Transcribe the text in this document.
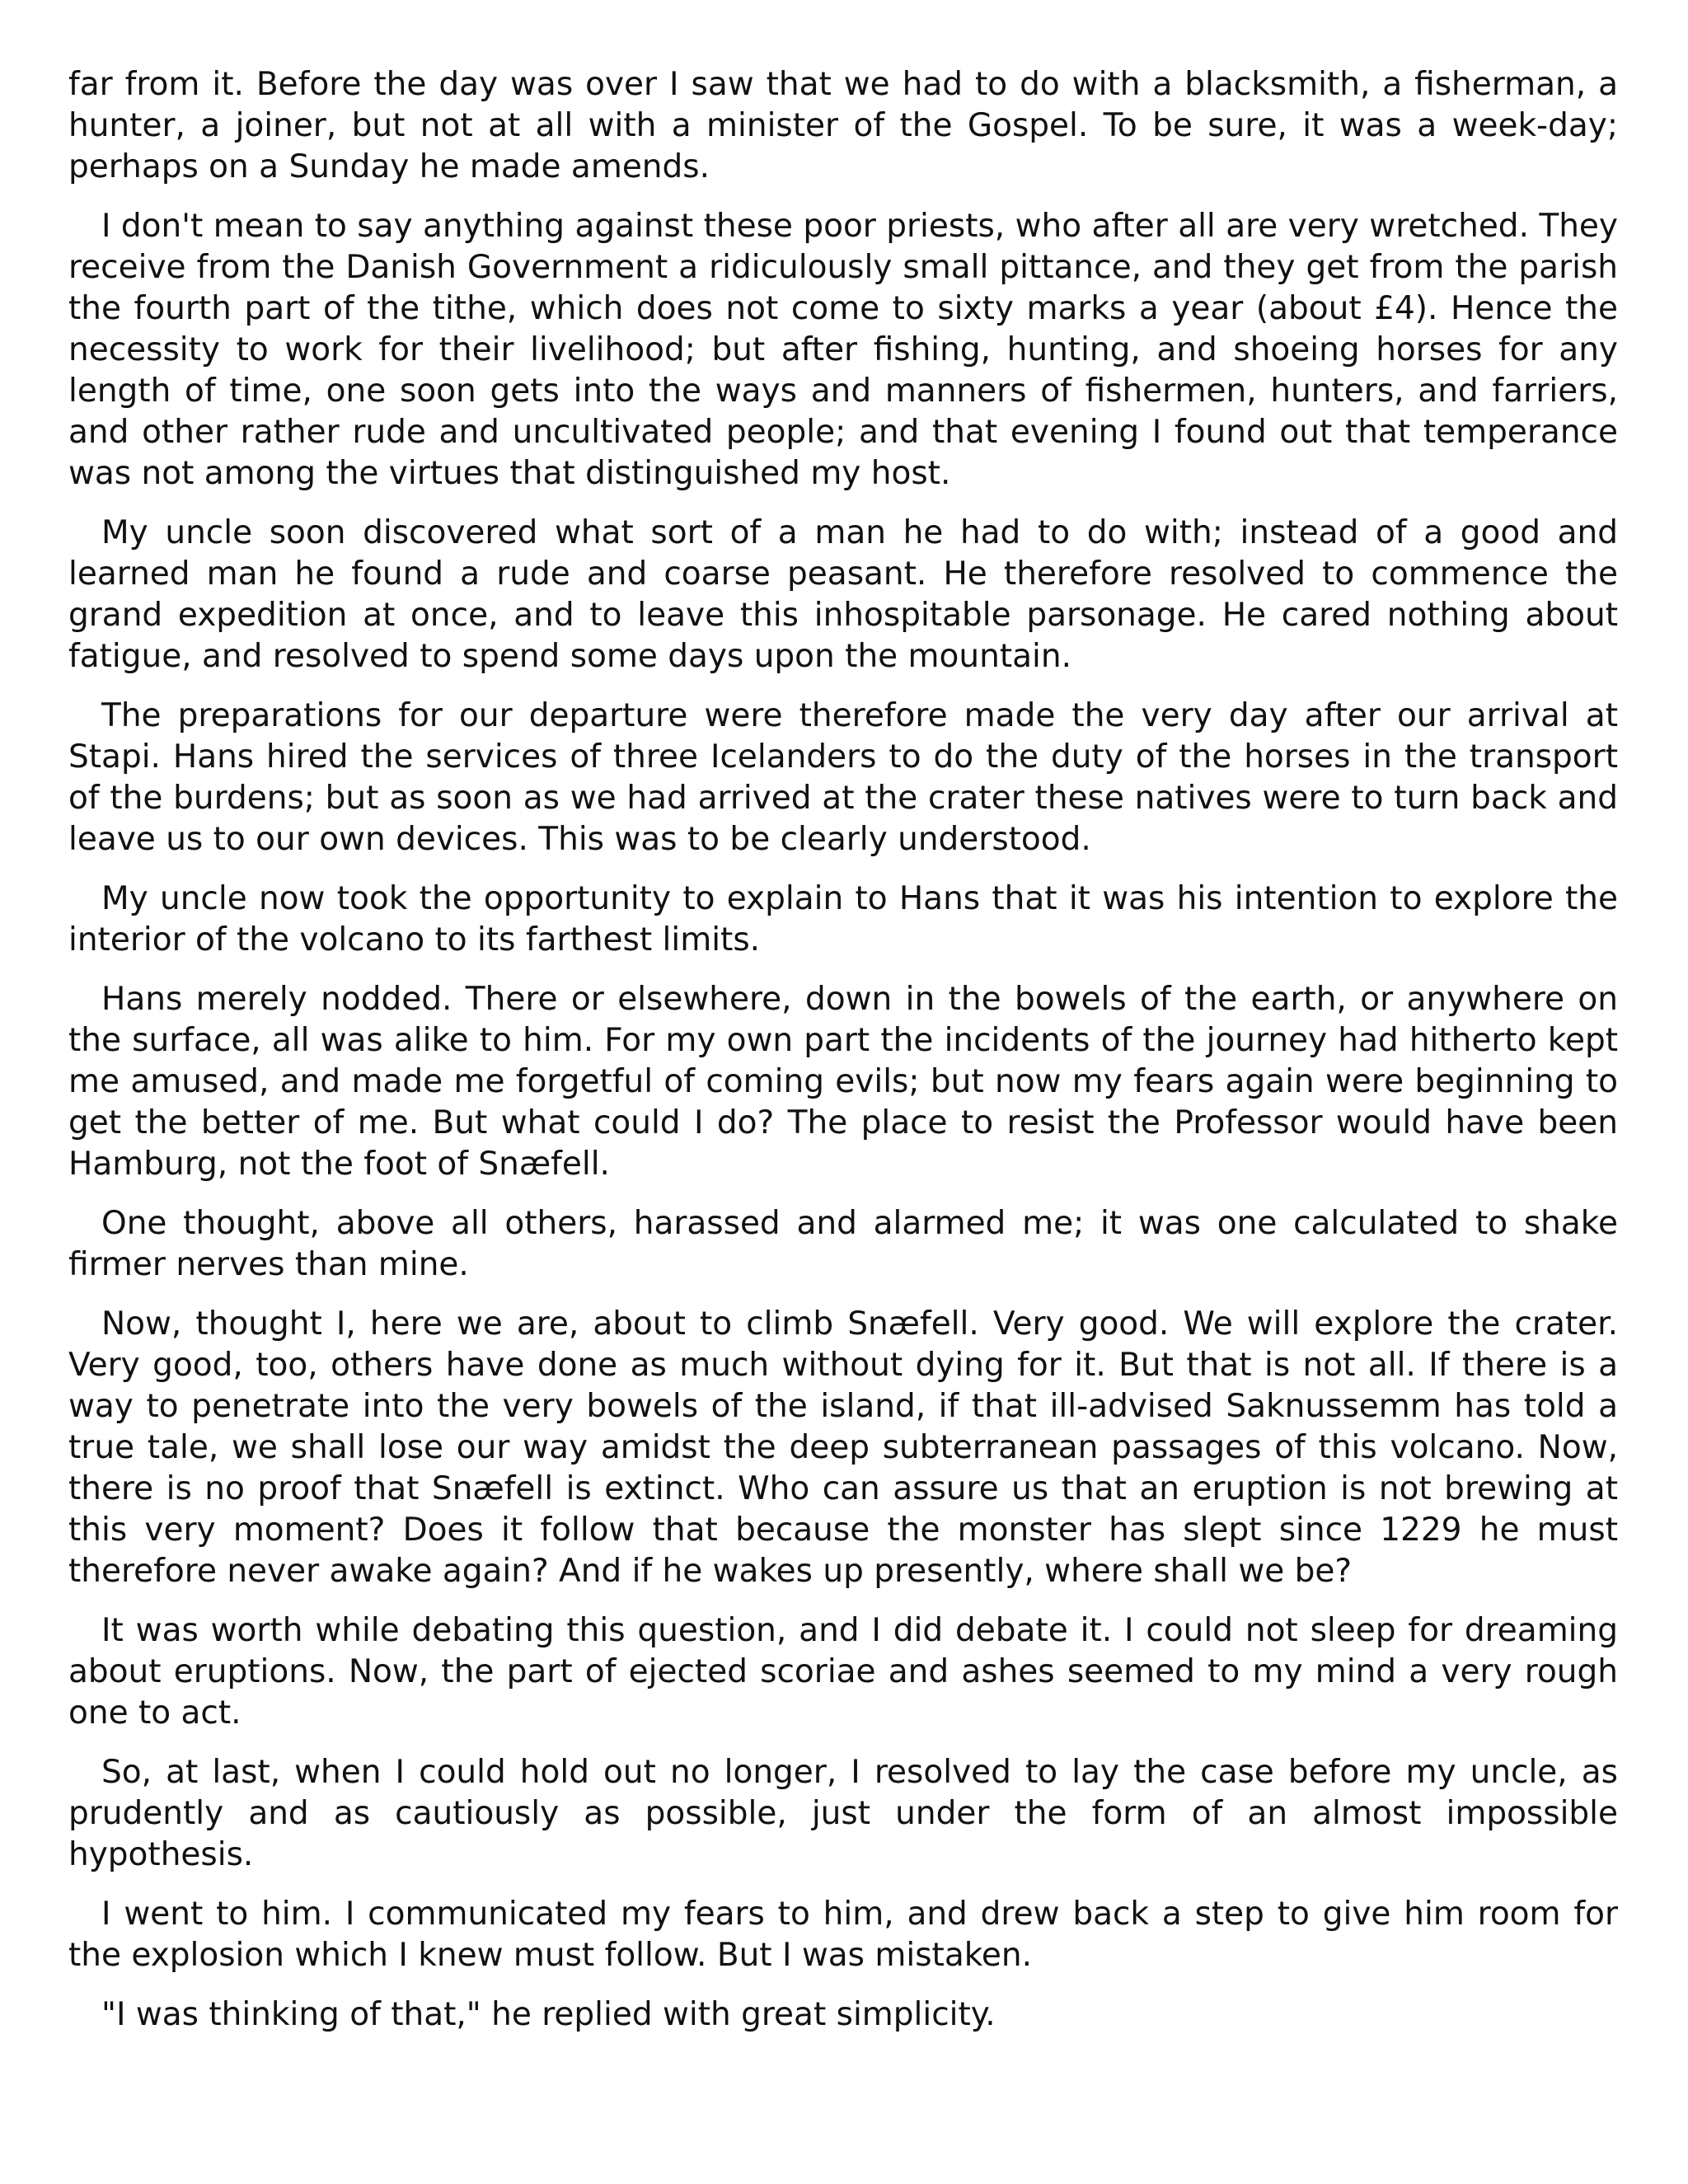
far from it. Before the day was over I saw that we had to do with a blacksmith, a fisherman, a hunter, a joiner, but not at all with a minister of the Gospel. To be sure, it was a week-day; perhaps on a Sunday he made amends.

I don't mean to say anything against these poor priests, who after all are very wretched. They receive from the Danish Government a ridiculously small pittance, and they get from the parish the fourth part of the tithe, which does not come to sixty marks a year (about £4). Hence the necessity to work for their livelihood; but after fishing, hunting, and shoeing horses for any length of time, one soon gets into the ways and manners of fishermen, hunters, and farriers, and other rather rude and uncultivated people; and that evening I found out that temperance was not among the virtues that distinguished my host.

My uncle soon discovered what sort of a man he had to do with; instead of a good and learned man he found a rude and coarse peasant. He therefore resolved to commence the grand expedition at once, and to leave this inhospitable parsonage. He cared nothing about fatigue, and resolved to spend some days upon the mountain.

The preparations for our departure were therefore made the very day after our arrival at Stapi. Hans hired the services of three Icelanders to do the duty of the horses in the transport of the burdens; but as soon as we had arrived at the crater these natives were to turn back and leave us to our own devices. This was to be clearly understood.

My uncle now took the opportunity to explain to Hans that it was his intention to explore the interior of the volcano to its farthest limits.

Hans merely nodded. There or elsewhere, down in the bowels of the earth, or anywhere on the surface, all was alike to him. For my own part the incidents of the journey had hitherto kept me amused, and made me forgetful of coming evils; but now my fears again were beginning to get the better of me. But what could I do? The place to resist the Professor would have been Hamburg, not the foot of Snæfell.

One thought, above all others, harassed and alarmed me; it was one calculated to shake firmer nerves than mine.

Now, thought I, here we are, about to climb Snæfell. Very good. We will explore the crater. Very good, too, others have done as much without dying for it. But that is not all. If there is a way to penetrate into the very bowels of the island, if that ill-advised Saknussemm has told a true tale, we shall lose our way amidst the deep subterranean passages of this volcano. Now, there is no proof that Snæfell is extinct. Who can assure us that an eruption is not brewing at this very moment? Does it follow that because the monster has slept since 1229 he must therefore never awake again? And if he wakes up presently, where shall we be?

It was worth while debating this question, and I did debate it. I could not sleep for dreaming about eruptions. Now, the part of ejected scoriae and ashes seemed to my mind a very rough one to act.

So, at last, when I could hold out no longer, I resolved to lay the case before my uncle, as prudently and as cautiously as possible, just under the form of an almost impossible hypothesis.

I went to him. I communicated my fears to him, and drew back a step to give him room for the explosion which I knew must follow. But I was mistaken.

"I was thinking of that," he replied with great simplicity.
